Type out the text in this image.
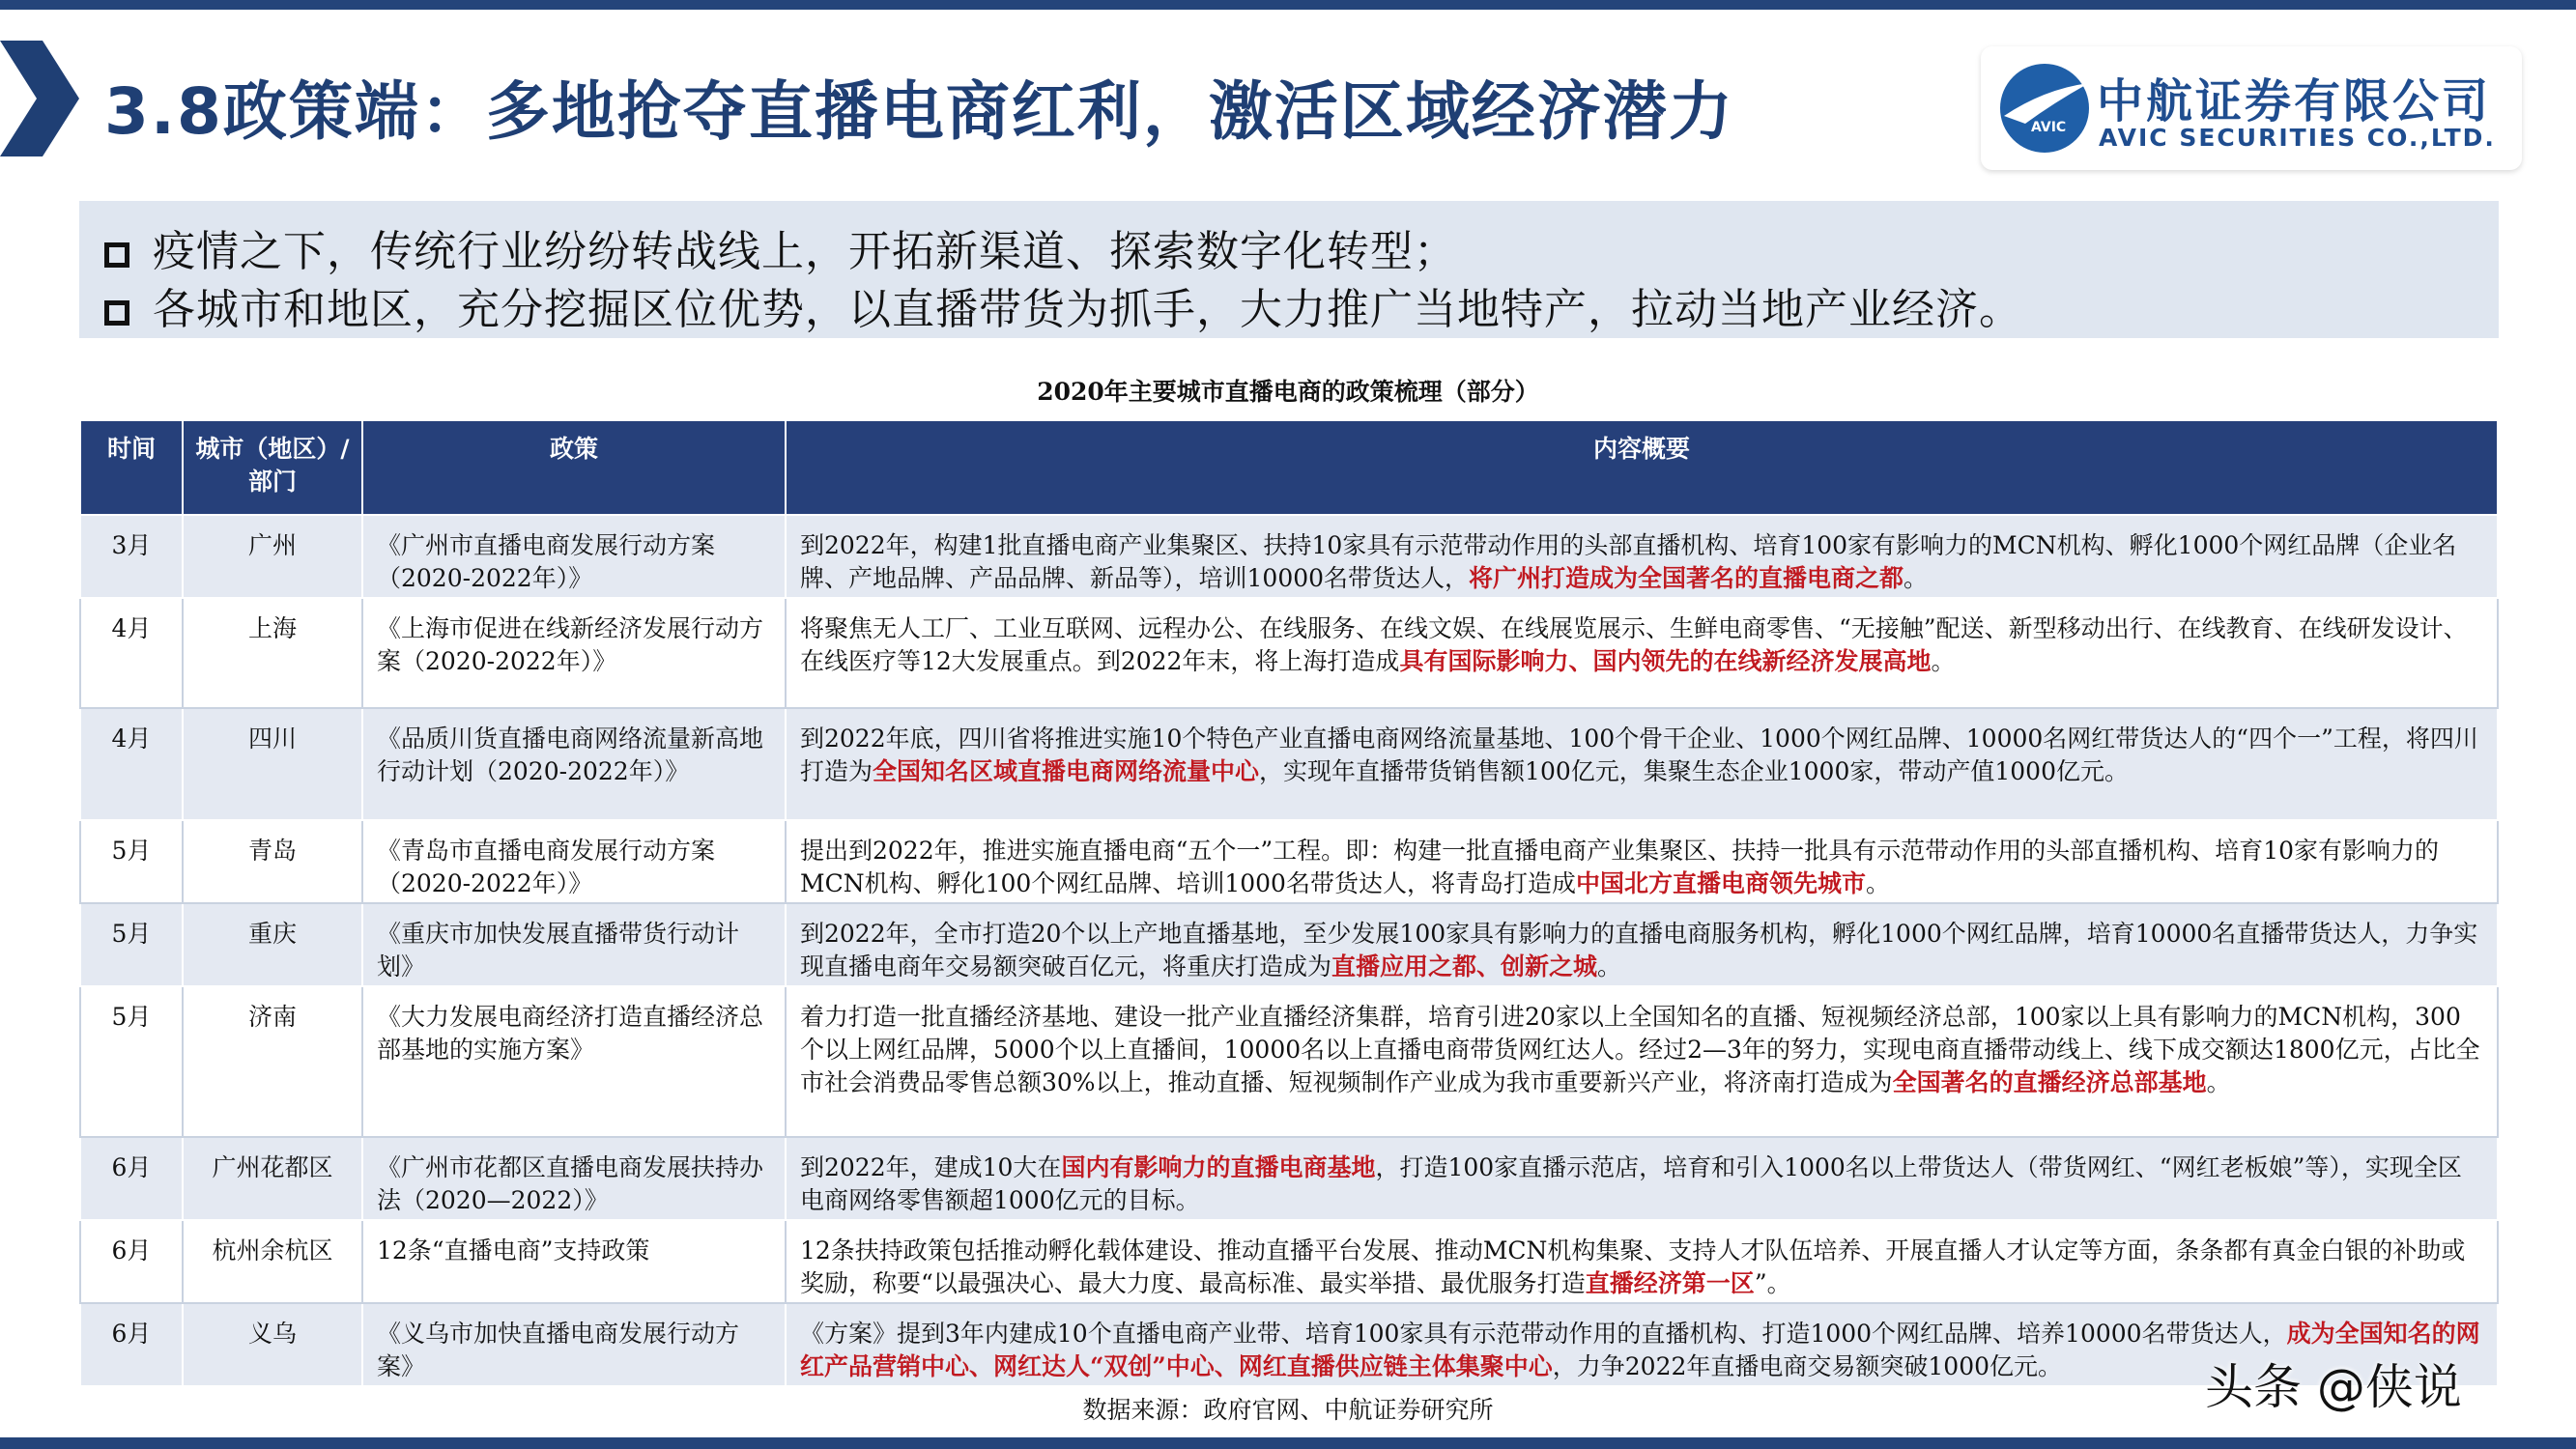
3.8政策端：多地抢夺直播电商红利，激活区域经济潜力	AVIC 中航证券有限公司
AVIC SECURITIES CO.,LTD.
疫情之下，传统行业纷纷转战线上，开拓新渠道、探索数字化转型；
各城市和地区，充分挖掘区位优势，以直播带货为抓手，大力推广当地特产，拉动当地产业经济。
2020年主要城市直播电商的政策梳理（部分）
时间	城市（地区）/部门	政策	内容概要
3月	广州	《广州市直播电商发展行动方案（2020-2022年）》	到2022年，构建1批直播电商产业集聚区、扶持10家具有示范带动作用的头部直播机构、培育100家有影响力的MCN机构、孵化1000个网红品牌（企业名牌、产地品牌、产品品牌、新品等），培训10000名带货达人，将广州打造成为全国著名的直播电商之都。
4月	上海	《上海市促进在线新经济发展行动方案（2020-2022年）》	将聚焦无人工厂、工业互联网、远程办公、在线服务、在线文娱、在线展览展示、生鲜电商零售、“无接触”配送、新型移动出行、在线教育、在线研发设计、在线医疗等12大发展重点。到2022年末，将上海打造成具有国际影响力、国内领先的在线新经济发展高地。
4月	四川	《品质川货直播电商网络流量新高地行动计划（2020-2022年）》	到2022年底，四川省将推进实施10个特色产业直播电商网络流量基地、100个骨干企业、1000个网红品牌、10000名网红带货达人的“四个一”工程，将四川打造为全国知名区域直播电商网络流量中心，实现年直播带货销售额100亿元，集聚生态企业1000家，带动产值1000亿元。
5月	青岛	《青岛市直播电商发展行动方案（2020-2022年）》	提出到2022年，推进实施直播电商“五个一”工程。即：构建一批直播电商产业集聚区、扶持一批具有示范带动作用的头部直播机构、培育10家有影响力的MCN机构、孵化100个网红品牌、培训1000名带货达人，将青岛打造成中国北方直播电商领先城市。
5月	重庆	《重庆市加快发展直播带货行动计划》	到2022年，全市打造20个以上产地直播基地，至少发展100家具有影响力的直播电商服务机构，孵化1000个网红品牌，培育10000名直播带货达人，力争实现直播电商年交易额突破百亿元，将重庆打造成为直播应用之都、创新之城。
5月	济南	《大力发展电商经济打造直播经济总部基地的实施方案》	着力打造一批直播经济基地、建设一批产业直播经济集群，培育引进20家以上全国知名的直播、短视频经济总部，100家以上具有影响力的MCN机构，300个以上网红品牌，5000个以上直播间，10000名以上直播电商带货网红达人。经过2—3年的努力，实现电商直播带动线上、线下成交额达1800亿元，占比全市社会消费品零售总额30%以上，推动直播、短视频制作产业成为我市重要新兴产业，将济南打造成为全国著名的直播经济总部基地。
6月	广州花都区	《广州市花都区直播电商发展扶持办法（2020—2022）》	到2022年，建成10大在国内有影响力的直播电商基地，打造100家直播示范店，培育和引入1000名以上带货达人（带货网红、“网红老板娘”等），实现全区电商网络零售额超1000亿元的目标。
6月	杭州余杭区	12条“直播电商”支持政策	12条扶持政策包括推动孵化载体建设、推动直播平台发展、推动MCN机构集聚、支持人才队伍培养、开展直播人才认定等方面，条条都有真金白银的补助或奖励，称要“以最强决心、最大力度、最高标准、最实举措、最优服务打造直播经济第一区”。
6月	义乌	《义乌市加快直播电商发展行动方案》	《方案》提到3年内建成10个直播电商产业带、培育100家具有示范带动作用的直播机构、打造1000个网红品牌、培养10000名带货达人，成为全国知名的网红产品营销中心、网红达人“双创”中心、网红直播供应链主体集聚中心，力争2022年直播电商交易额突破1000亿元。
数据来源：政府官网、中航证券研究所	头条 @侠说
